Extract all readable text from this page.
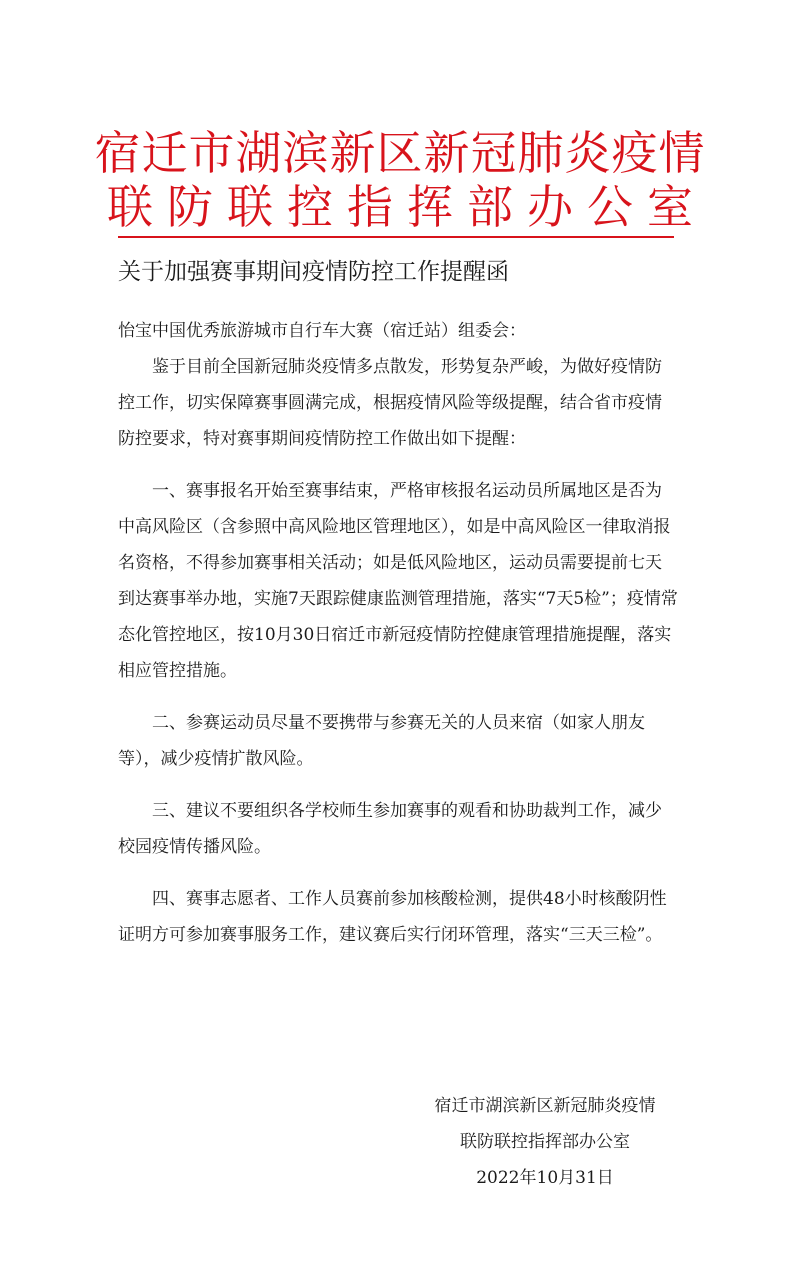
宿迁市湖滨新区新冠肺炎疫情
联防联控指挥部办公室
关于加强赛事期间疫情防控工作提醒函

怡宝中国优秀旅游城市自行车大赛（宿迁站）组委会：

鉴于目前全国新冠肺炎疫情多点散发，形势复杂严峻，为做好疫情防控工作，切实保障赛事圆满完成，根据疫情风险等级提醒，结合省市疫情防控要求，特对赛事期间疫情防控工作做出如下提醒：

一、赛事报名开始至赛事结束，严格审核报名运动员所属地区是否为中高风险区（含参照中高风险地区管理地区），如是中高风险区一律取消报名资格，不得参加赛事相关活动；如是低风险地区，运动员需要提前七天到达赛事举办地，实施7天跟踪健康监测管理措施，落实“7天5检”；疫情常态化管控地区，按10月30日宿迁市新冠疫情防控健康管理措施提醒，落实相应管控措施。

二、参赛运动员尽量不要携带与参赛无关的人员来宿（如家人朋友等），减少疫情扩散风险。

三、建议不要组织各学校师生参加赛事的观看和协助裁判工作，减少校园疫情传播风险。

四、赛事志愿者、工作人员赛前参加核酸检测，提供48小时核酸阴性证明方可参加赛事服务工作，建议赛后实行闭环管理，落实“三天三检”。

宿迁市湖滨新区新冠肺炎疫情
联防联控指挥部办公室
2022年10月31日
